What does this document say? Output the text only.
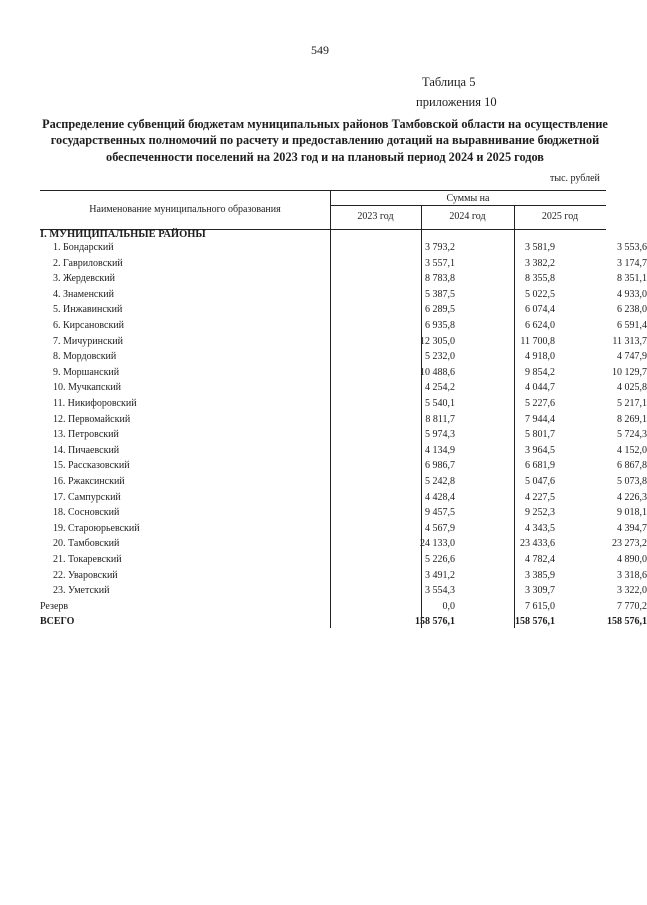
549
Таблица 5
приложения 10
Распределение субвенций бюджетам муниципальных районов Тамбовской области на осуществление государственных полномочий по расчету и предоставлению дотаций на выравнивание бюджетной обеспеченности поселений на 2023 год и на плановый период 2024 и 2025 годов
тыс. рублей
Наименование муниципального образования
Суммы на
2023 год	2024 год	2025 год
I. МУНИЦИПАЛЬНЫЕ РАЙОНЫ
1. Бондарский	3 793,2	3 581,9	3 553,6
2. Гавриловский	3 557,1	3 382,2	3 174,7
3. Жердевский	8 783,8	8 355,8	8 351,1
4. Знаменский	5 387,5	5 022,5	4 933,0
5. Инжавинский	6 289,5	6 074,4	6 238,0
6. Кирсановский	6 935,8	6 624,0	6 591,4
7. Мичуринский	12 305,0	11 700,8	11 313,7
8. Мордовский	5 232,0	4 918,0	4 747,9
9. Моршанский	10 488,6	9 854,2	10 129,7
10. Мучкапский	4 254,2	4 044,7	4 025,8
11. Никифоровский	5 540,1	5 227,6	5 217,1
12. Первомайский	8 811,7	7 944,4	8 269,1
13. Петровский	5 974,3	5 801,7	5 724,3
14. Пичаевский	4 134,9	3 964,5	4 152,0
15. Рассказовский	6 986,7	6 681,9	6 867,8
16. Ржаксинский	5 242,8	5 047,6	5 073,8
17. Сампурский	4 428,4	4 227,5	4 226,3
18. Сосновский	9 457,5	9 252,3	9 018,1
19. Староюрьевский	4 567,9	4 343,5	4 394,7
20. Тамбовский	24 133,0	23 433,6	23 273,2
21. Токаревский	5 226,6	4 782,4	4 890,0
22. Уваровский	3 491,2	3 385,9	3 318,6
23. Уметский	3 554,3	3 309,7	3 322,0
Резерв	0,0	7 615,0	7 770,2
ВСЕГО	158 576,1	158 576,1	158 576,1
